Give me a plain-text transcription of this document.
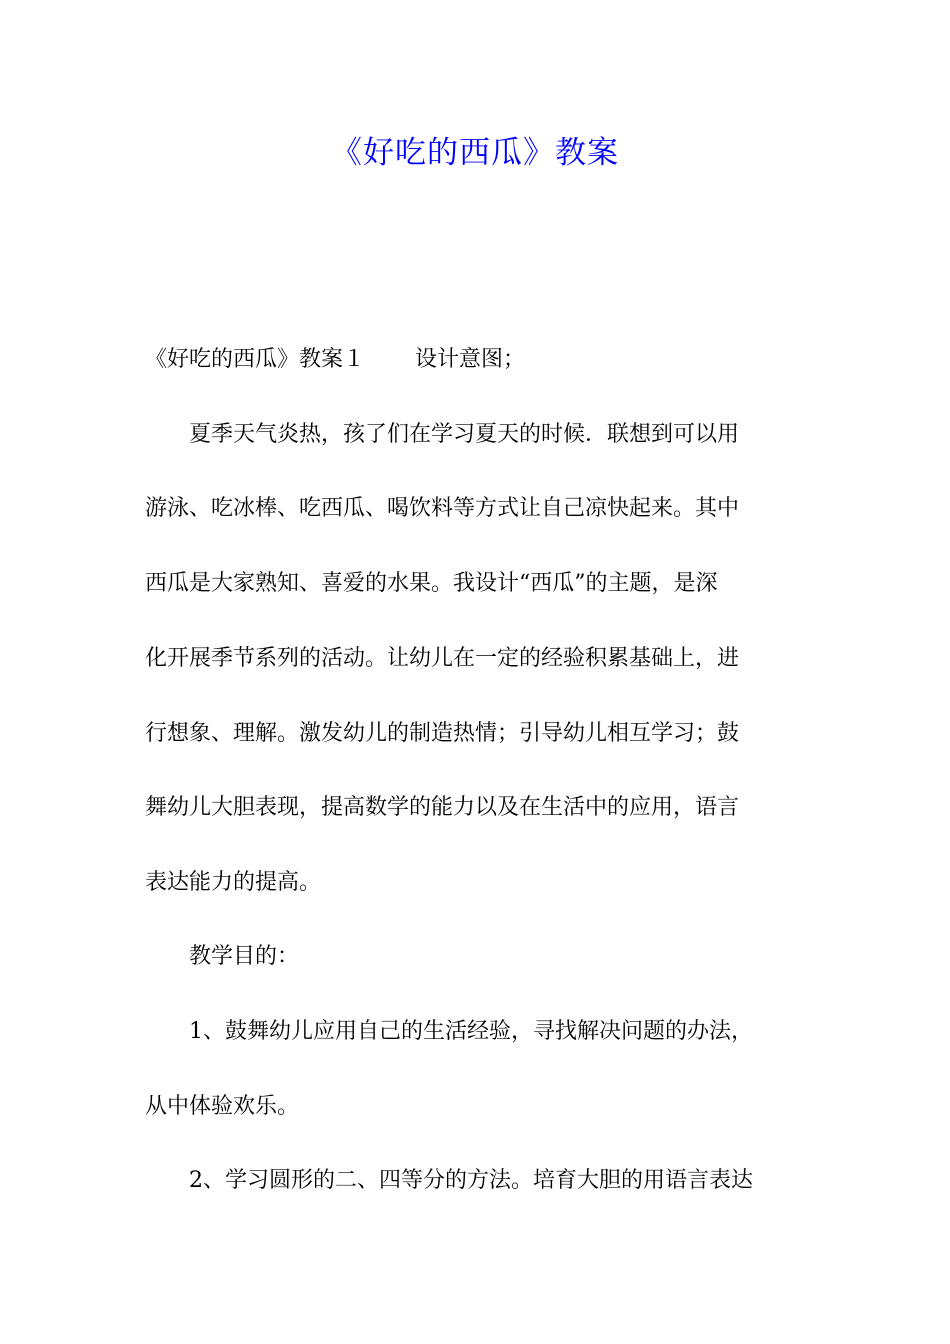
《好吃的西瓜》教案
《好吃的西瓜》教案１ 设计意图；
　　夏季天气炎热，孩了们在学习夏天的时候．联想到可以用
游泳、吃冰棒、吃西瓜、喝饮料等方式让自己凉快起来。其中
西瓜是大家熟知、喜爱的水果。我设计“西瓜”的主题，是深
化开展季节系列的活动。让幼儿在一定的经验积累基础上，进
行想象、理解。激发幼儿的制造热情；引导幼儿相互学习；鼓
舞幼儿大胆表现，提高数学的能力以及在生活中的应用，语言
表达能力的提高。
　　教学目的：
　　1、鼓舞幼儿应用自己的生活经验，寻找解决问题的办法，
从中体验欢乐。
　　2、学习圆形的二、四等分的方法。培育大胆的用语言表达
